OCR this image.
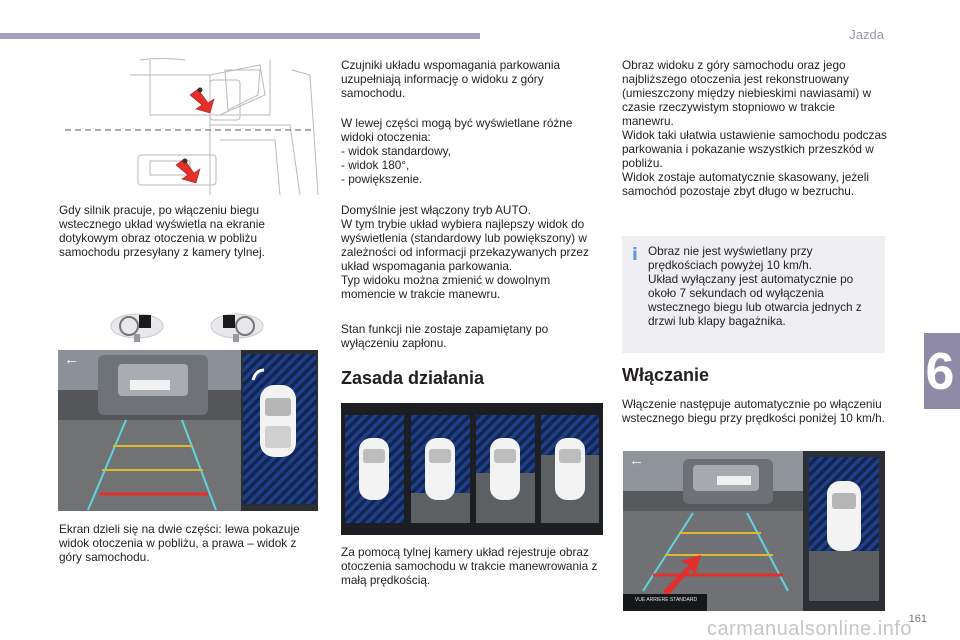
Jazda
6
Gdy silnik pracuje, po włączeniu biegu wstecznego układ wyświetla na ekranie dotykowym obraz otoczenia w pobliżu samochodu przesyłany z kamery tylnej.
←
Ekran dzieli się na dwie części: lewa pokazuje widok otoczenia w pobliżu, a prawa – widok z góry samochodu.
Czujniki układu wspomagania parkowania uzupełniają informację o widoku z góry samochodu.
W lewej części mogą być wyświetlane różne widoki otoczenia:

- widok standardowy,

- widok 180°,

- powiększenie.

Domyślnie jest włączony tryb AUTO.

W tym trybie układ wybiera najlepszy widok do wyświetlenia (standardowy lub powiększony) w zależności od informacji przekazywanych przez układ wspomagania parkowania.

Typ widoku można zmienić w dowolnym momencie w trakcie manewru.

Stan funkcji nie zostaje zapamiętany po wyłączeniu zapłonu.
Zasada działania
Za pomocą tylnej kamery układ rejestruje obraz otoczenia samochodu w trakcie manewrowania z małą prędkością.

Obraz widoku z góry samochodu oraz jego najbliższego otoczenia jest rekonstruowany (umieszczony między niebieskimi nawiasami) w czasie rzeczywistym stopniowo w trakcie manewru.

Widok taki ułatwia ustawienie samochodu podczas parkowania i pokazanie wszystkich przeszkód w pobliżu.

Widok zostaje automatycznie skasowany, jeżeli samochód pozostaje zbyt długo w bezruchu.

i Obraz nie jest wyświetlany przy prędkościach powyżej 10 km/h.

Układ wyłączany jest automatycznie po około 7 sekundach od wyłączenia wstecznego biegu lub otwarcia jednych z drzwi lub klapy bagażnika.

Włączanie
Włączenie następuje automatycznie po włączeniu wstecznego biegu przy prędkości poniżej 10 km/h.
←
VUE ARRIERE STANDARD
161
carmanualsonline.info
